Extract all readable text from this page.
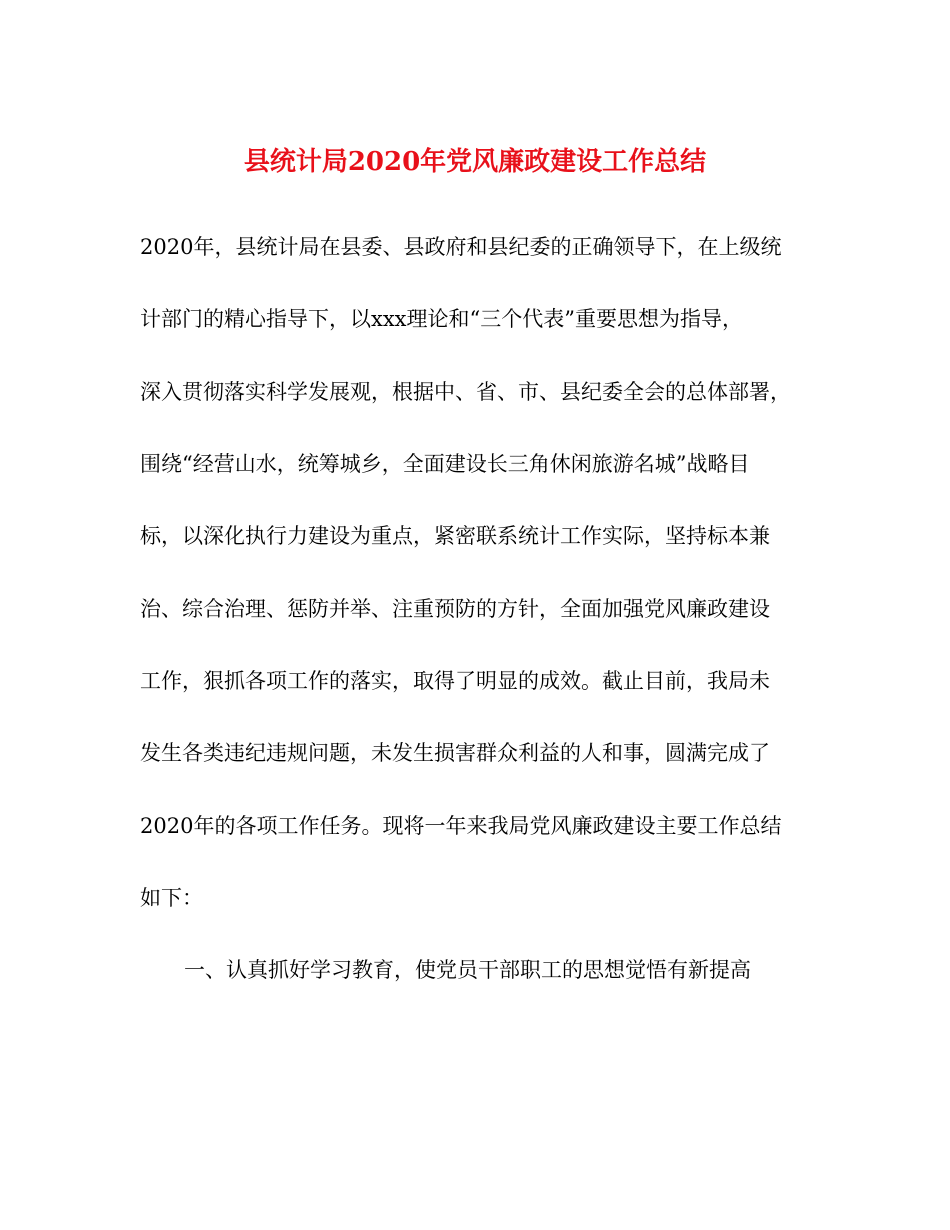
县统计局2020年党风廉政建设工作总结
2020年，县统计局在县委、县政府和县纪委的正确领导下，在上级统
计部门的精心指导下，以xxx理论和“三个代表”重要思想为指导，
深入贯彻落实科学发展观，根据中、省、市、县纪委全会的总体部署，
围绕“经营山水，统筹城乡，全面建设长三角休闲旅游名城”战略目
标，以深化执行力建设为重点，紧密联系统计工作实际，坚持标本兼
治、综合治理、惩防并举、注重预防的方针，全面加强党风廉政建设
工作，狠抓各项工作的落实，取得了明显的成效。截止目前，我局未
发生各类违纪违规问题，未发生损害群众利益的人和事，圆满完成了
2020年的各项工作任务。现将一年来我局党风廉政建设主要工作总结
如下：
一、认真抓好学习教育，使党员干部职工的思想觉悟有新提高
